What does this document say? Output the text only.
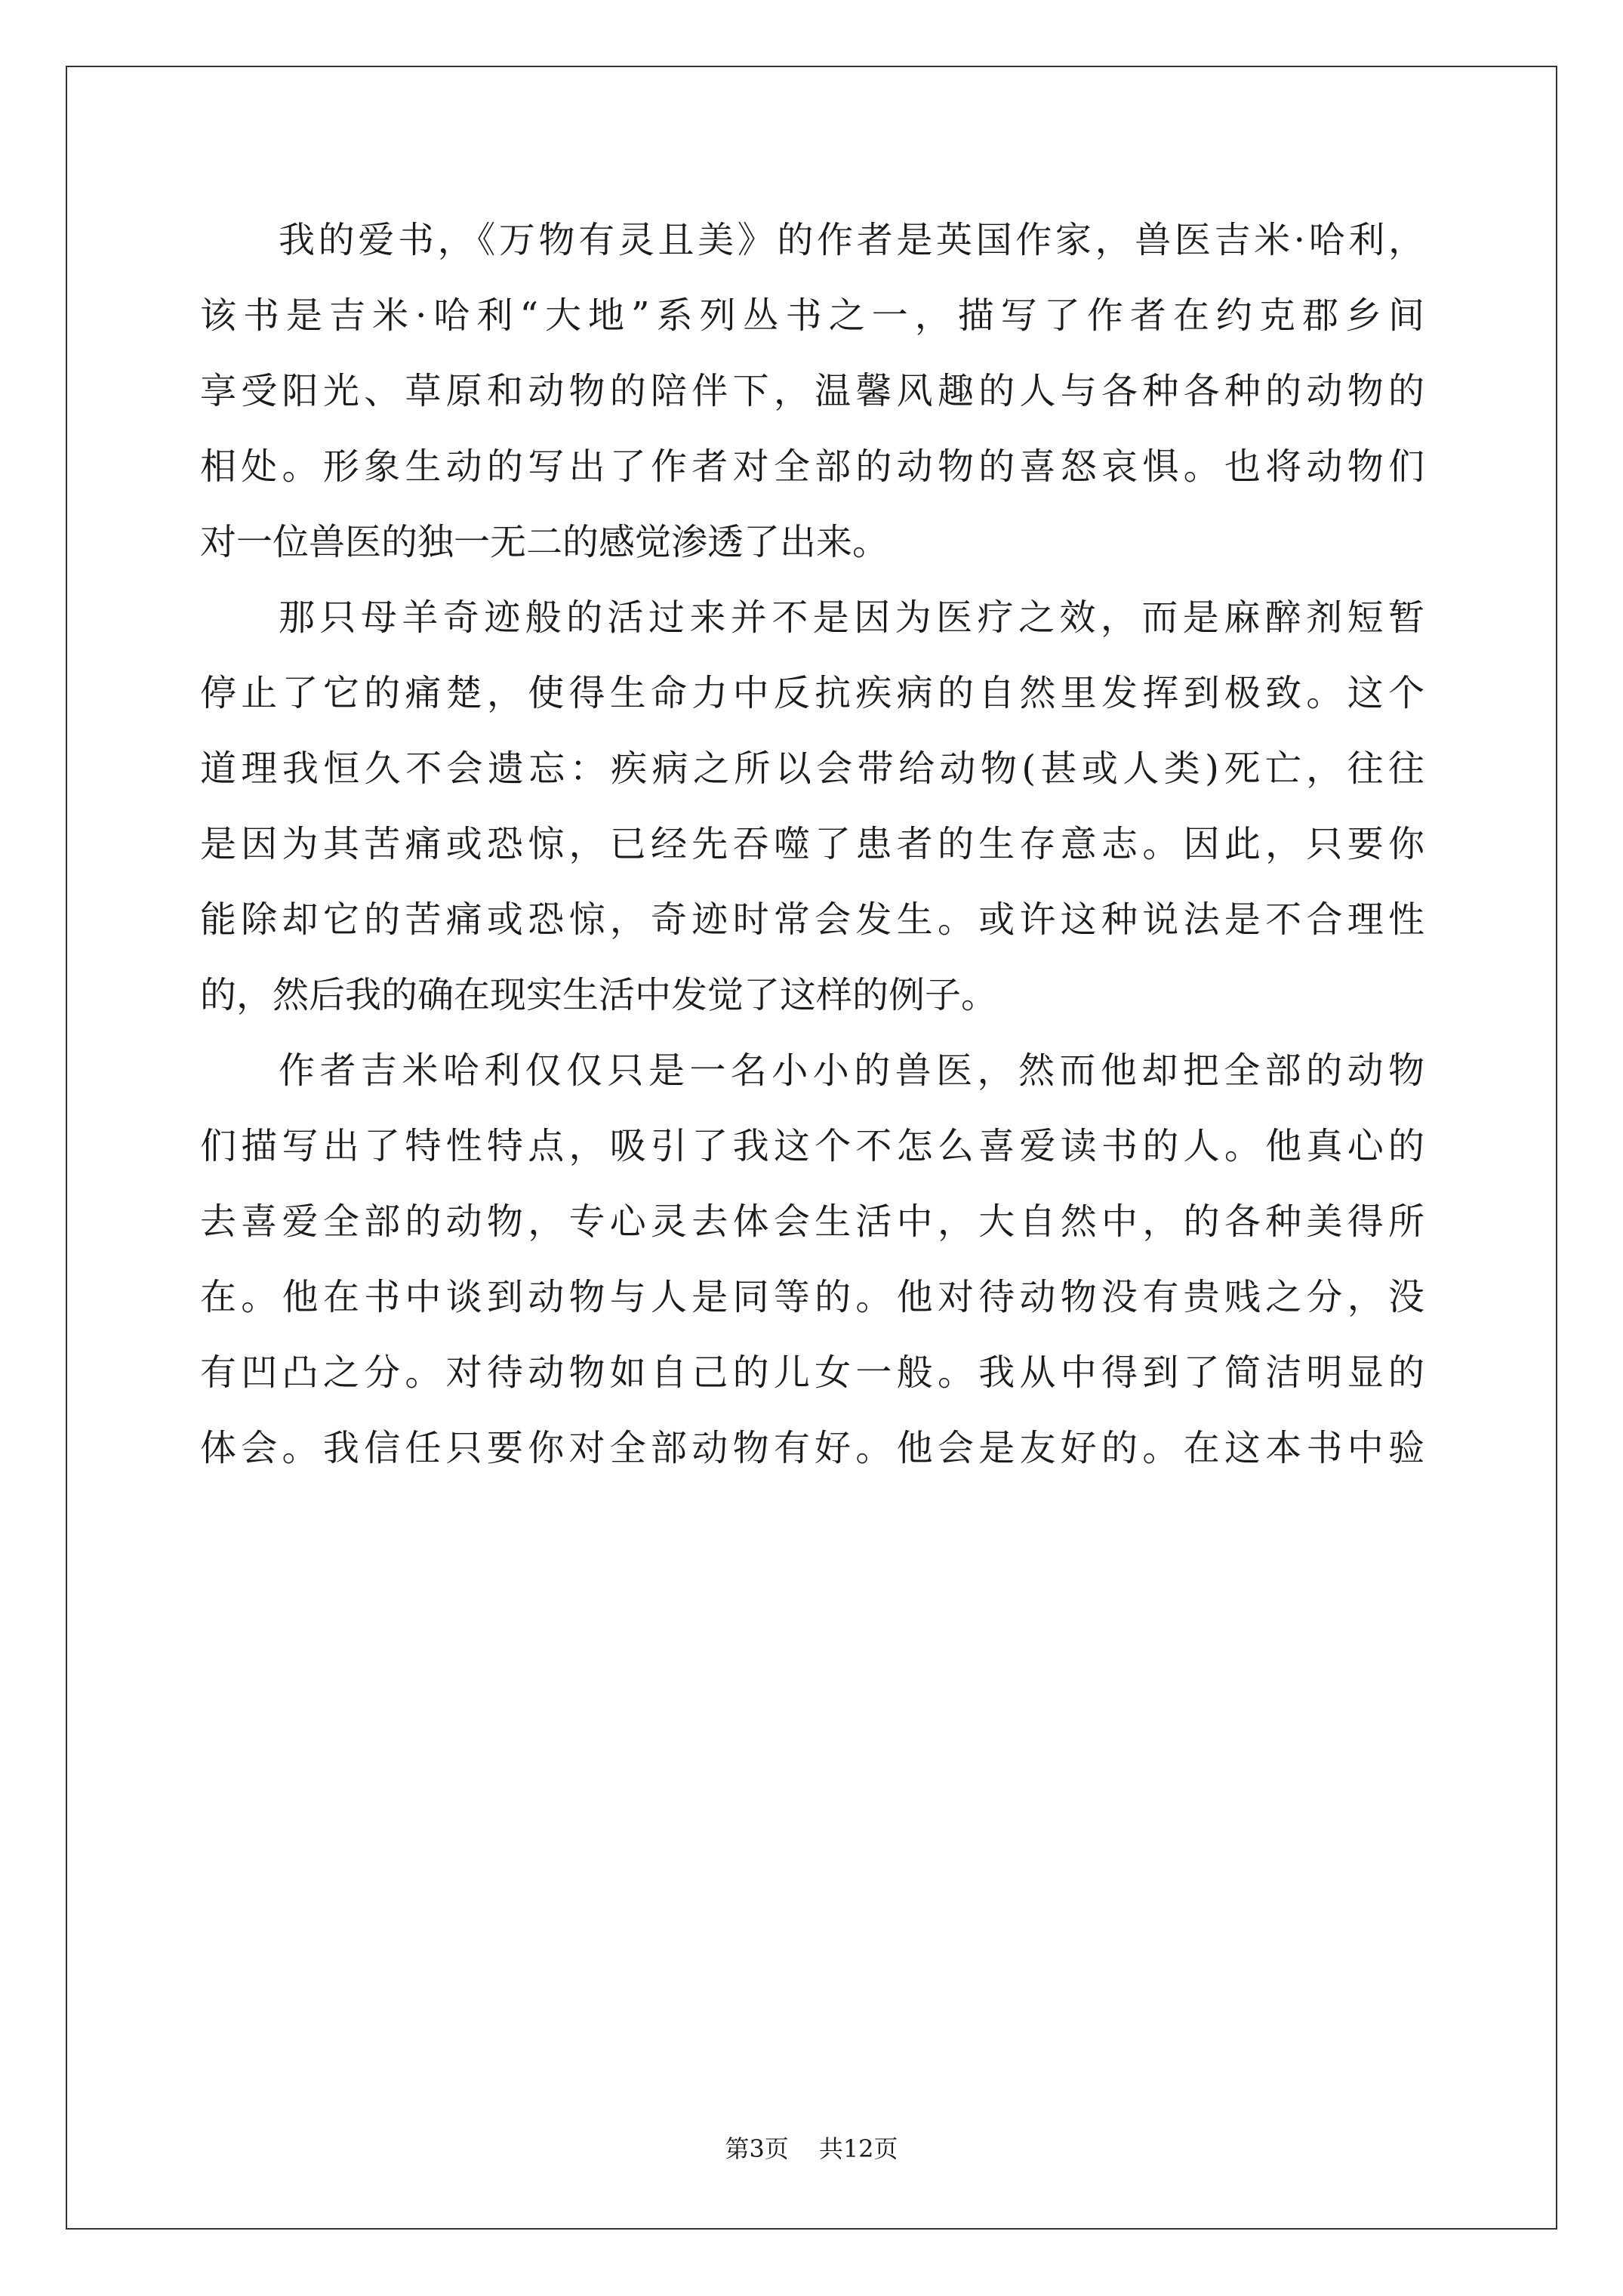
我的爱书，《万物有灵且美》的作者是英国作家，兽医吉米·哈利，
该书是吉米·哈利“大地”系列丛书之一，描写了作者在约克郡乡间
享受阳光、草原和动物的陪伴下，温馨风趣的人与各种各种的动物的
相处。形象生动的写出了作者对全部的动物的喜怒哀惧。也将动物们
对一位兽医的独一无二的感觉渗透了出来。
那只母羊奇迹般的活过来并不是因为医疗之效，而是麻醉剂短暂
停止了它的痛楚，使得生命力中反抗疾病的自然里发挥到极致。这个
道理我恒久不会遗忘：疾病之所以会带给动物(甚或人类)死亡，往往
是因为其苦痛或恐惊，已经先吞噬了患者的生存意志。因此，只要你
能除却它的苦痛或恐惊，奇迹时常会发生。或许这种说法是不合理性
的，然后我的确在现实生活中发觉了这样的例子。
作者吉米哈利仅仅只是一名小小的兽医，然而他却把全部的动物
们描写出了特性特点，吸引了我这个不怎么喜爱读书的人。他真心的
去喜爱全部的动物，专心灵去体会生活中，大自然中，的各种美得所
在。他在书中谈到动物与人是同等的。他对待动物没有贵贱之分，没
有凹凸之分。对待动物如自己的儿女一般。我从中得到了简洁明显的
体会。我信任只要你对全部动物有好。他会是友好的。在这本书中验
第3页 共12页
